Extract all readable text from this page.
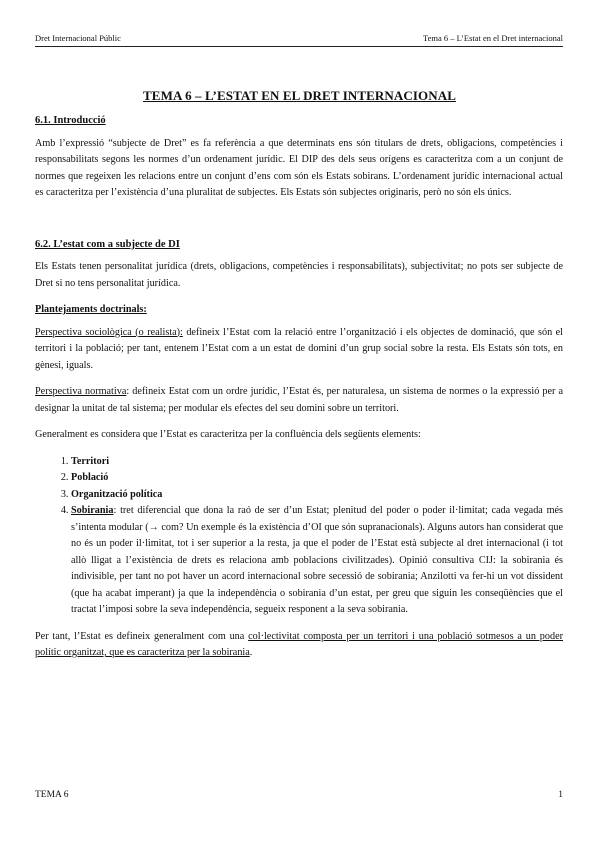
Dret Internacional Públic	Tema 6 – L’Estat en el Dret internacional
TEMA 6 – L’ESTAT EN EL DRET INTERNACIONAL
6.1. Introducció

Amb l’expressió “subjecte de Dret” es fa referència a que determinats ens són titulars de drets, obligacions, competències i responsabilitats segons les normes d’un ordenament jurídic. El DIP des dels seus orígens es caracteritza com a un conjunt de normes que regeixen les relacions entre un conjunt d’ens com són els Estats sobirans. L’ordenament jurídic internacional actual es caracteritza per l’existència d’una pluralitat de subjectes. Els Estats són subjectes originaris, però no són els únics.

6.2. L’estat com a subjecte de DI

Els Estats tenen personalitat jurídica (drets, obligacions, competències i responsabilitats), subjectivitat; no pots ser subjecte de Dret si no tens personalitat jurídica.

Plantejaments doctrinals:

Perspectiva sociològica (o realista): defineix l’Estat com la relació entre l’organització i els objectes de dominació, que són el territori i la població; per tant, entenem l’Estat com a un estat de domini d’un grup social sobre la resta. Els Estats són tots, en gènesi, iguals.

Perspectiva normativa: defineix Estat com un ordre jurídic, l’Estat és, per naturalesa, un sistema de normes o la expressió per a designar la unitat de tal sistema; per modular els efectes del seu domini sobre un territori.

Generalment es considera que l’Estat es caracteritza per la confluència dels següents elements:

1. Territori
2. Població
3. Organització política
4. Sobirania: tret diferencial que dona la raó de ser d’un Estat; plenitud del poder o poder il·limitat; cada vegada més s’intenta modular (→ com? Un exemple és la existència d’OI que són supranacionals). Alguns autors han considerat que no és un poder il·limitat, tot i ser superior a la resta, ja que el poder de l’Estat està subjecte al dret internacional (i tot allò lligat a l’existència de drets es relaciona amb poblacions civilitzades). Opinió consultiva CIJ: la sobirania és indivisible, per tant no pot haver un acord internacional sobre secessió de sobirania; Anzilotti va fer-hi un vot dissident (que ha acabat imperant) ja que la independència o sobirania d’un estat, per greu que siguin les conseqüències que el tractat l’imposi sobre la seva independència, segueix responent a la seva sobirania.

Per tant, l’Estat es defineix generalment com una col·lectivitat composta per un territori i una població sotmesos a un poder polític organitzat, que es caracteritza per la sobirania.

TEMA 6	1
